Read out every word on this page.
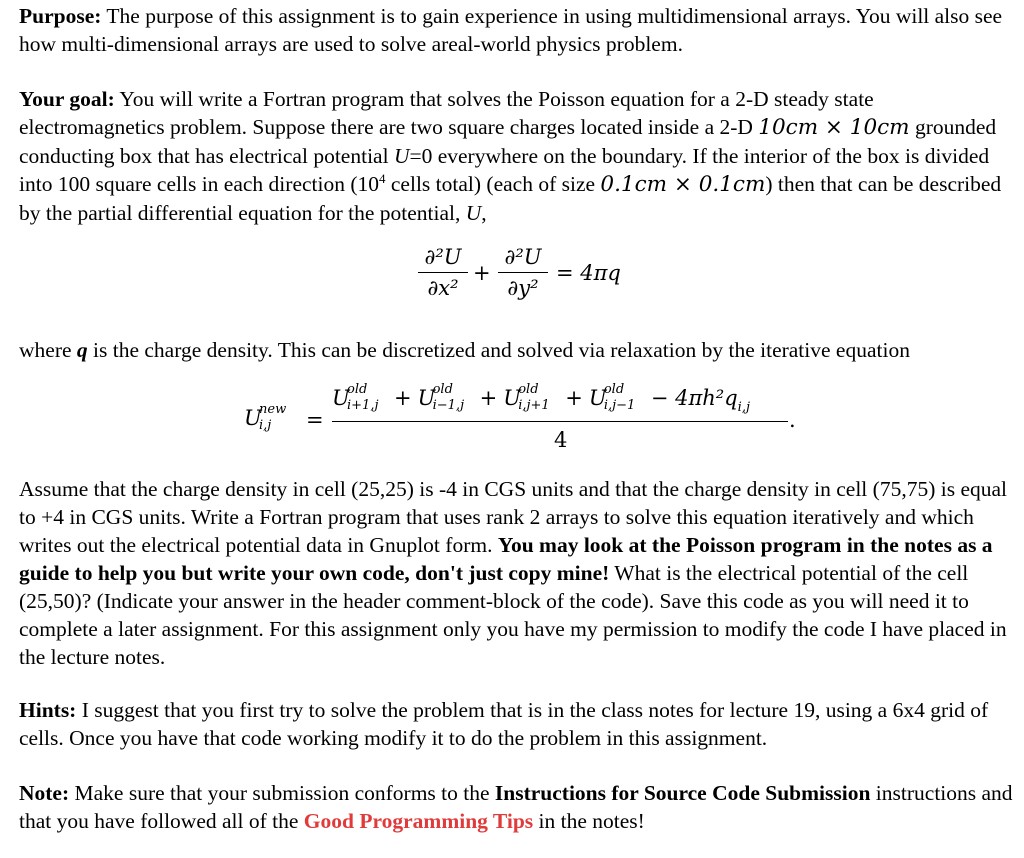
Purpose: The purpose of this assignment is to gain experience in using multidimensional arrays. You will also see how multi-dimensional arrays are used to solve areal-world physics problem.

Your goal: You will write a Fortran program that solves the Poisson equation for a 2-D steady state electromagnetics problem. Suppose there are two square charges located inside a 2-D 10cm × 10cm grounded conducting box that has electrical potential U=0 everywhere on the boundary. If the interior of the box is divided into 100 square cells in each direction ($10^4$ cells total) (each of size 0.1cm × 0.1cm) then that can be described by the partial differential equation for the potential, U,

∂²U
∂x²
+
∂²U
∂y²
= 4πq

where q is the charge density. This can be discretized and solved via relaxation by the iterative equation

U
new
i,j =
U
old
i+1,j + U
old
i−1,j + U
old
i,j+1 + U
old
$i,j-1 - 4\pi h^2q_{i,j}$
4
.

Assume that the charge density in cell (25,25) is -4 in CGS units and that the charge density in cell (75,75) is equal to +4 in CGS units. Write a Fortran program that uses rank 2 arrays to solve this equation iteratively and which writes out the electrical potential data in Gnuplot form. You may look at the Poisson program in the notes as a guide to help you but write your own code, don't just copy mine! What is the electrical potential of the cell (25,50)? (Indicate your answer in the header comment-block of the code). Save this code as you will need it to complete a later assignment. For this assignment only you have my permission to modify the code I have placed in the lecture notes.

Hints: I suggest that you first try to solve the problem that is in the class notes for lecture 19, using a 6x4 grid of cells. Once you have that code working modify it to do the problem in this assignment.

Note: Make sure that your submission conforms to the Instructions for Source Code Submission instructions and that you have followed all of the Good Programming Tips in the notes!
